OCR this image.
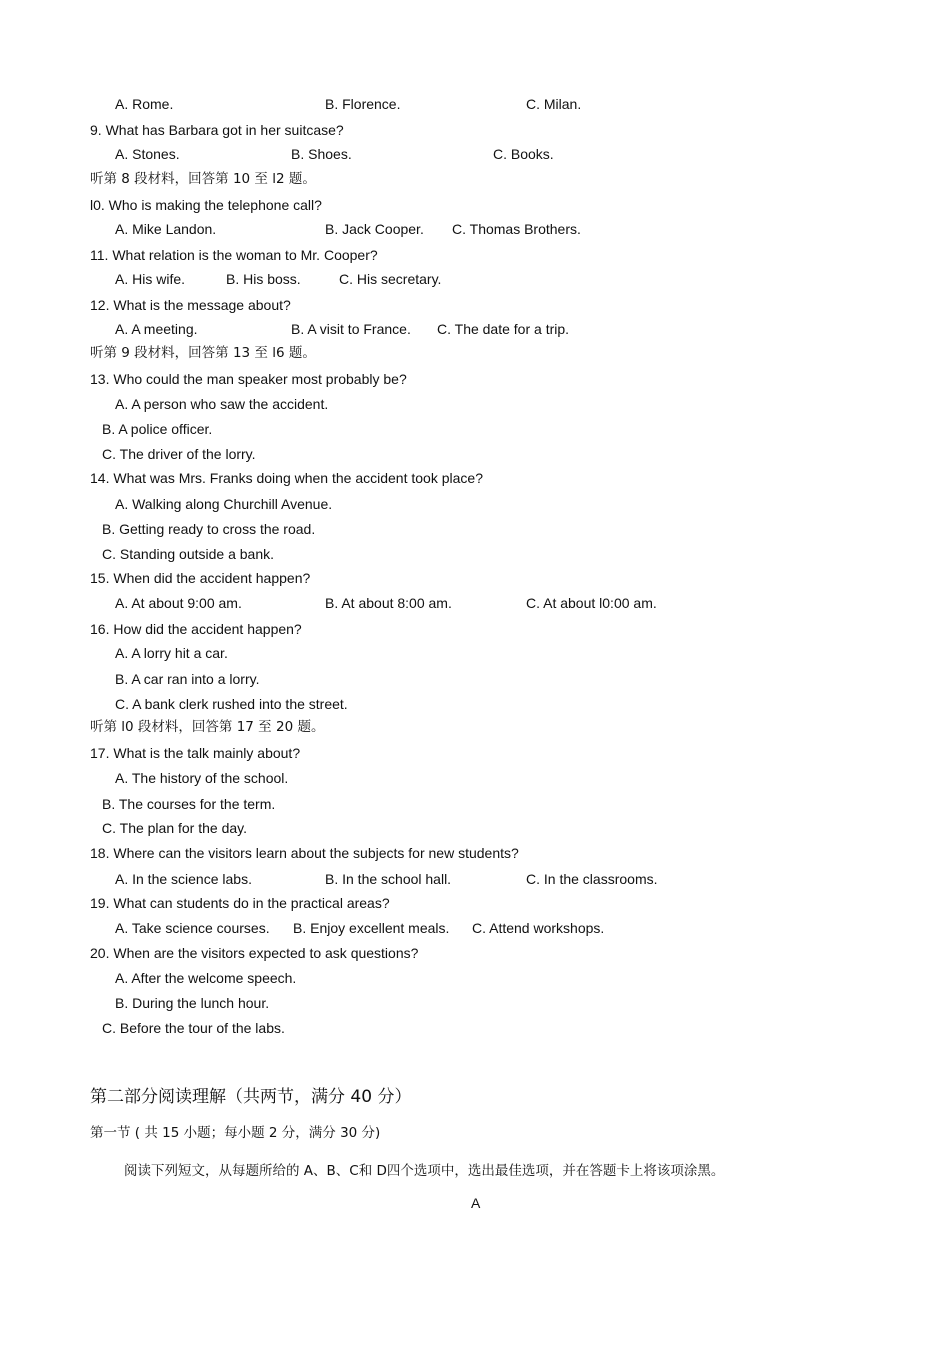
A. Rome.	B. Florence.	C. Milan.
9. What has Barbara got in her suitcase?
A. Stones.	B. Shoes.	C. Books.
听第 8 段材料，回答第 10 至 l2 题。
l0. Who is making the telephone call?
A. Mike Landon.	B. Jack Cooper. C. Thomas Brothers.
11. What relation is the woman to Mr. Cooper?
A. His wife.	B. His boss.	C. His secretary.
12. What is the message about?
A. A meeting.	B. A visit to France. C. The date for a trip.
听第 9 段材料，回答第 13 至 l6 题。
13. Who could the man speaker most probably be?
A. A person who saw the accident.
B. A police officer.
C. The driver of the lorry.
14. What was Mrs. Franks doing when the accident took place?
A. Walking along Churchill Avenue.
B. Getting ready to cross the road.
C. Standing outside a bank.
15. When did the accident happen?
A. At about 9:00 am.	B. At about 8:00 am.	C. At about l0:00 am.
16. How did the accident happen?
A. A lorry hit a car.
B. A car ran into a lorry.
C. A bank clerk rushed into the street.
听第 l0 段材料，回答第 17 至 20 题。
17. What is the talk mainly about?
A. The history of the school.
B. The courses for the term.
C. The plan for the day.
18. Where can the visitors learn about the subjects for new students?
A. In the science labs.	B. In the school hall.	C. In the classrooms.
19. What can students do in the practical areas?
A. Take science courses. B. Enjoy excellent meals. C. Attend workshops.
20. When are the visitors expected to ask questions?
A. After the welcome speech.
B. During the lunch hour.
C. Before the tour of the labs.
第二部分阅读理解（共两节，满分 40 分）
第一节 ( 共 15 小题；每小题 2 分，满分 30 分)
阅读下列短文，从每题所给的 A、B、C和 D四个选项中，选出最佳选项，并在答题卡上将该项涂黑。
A
